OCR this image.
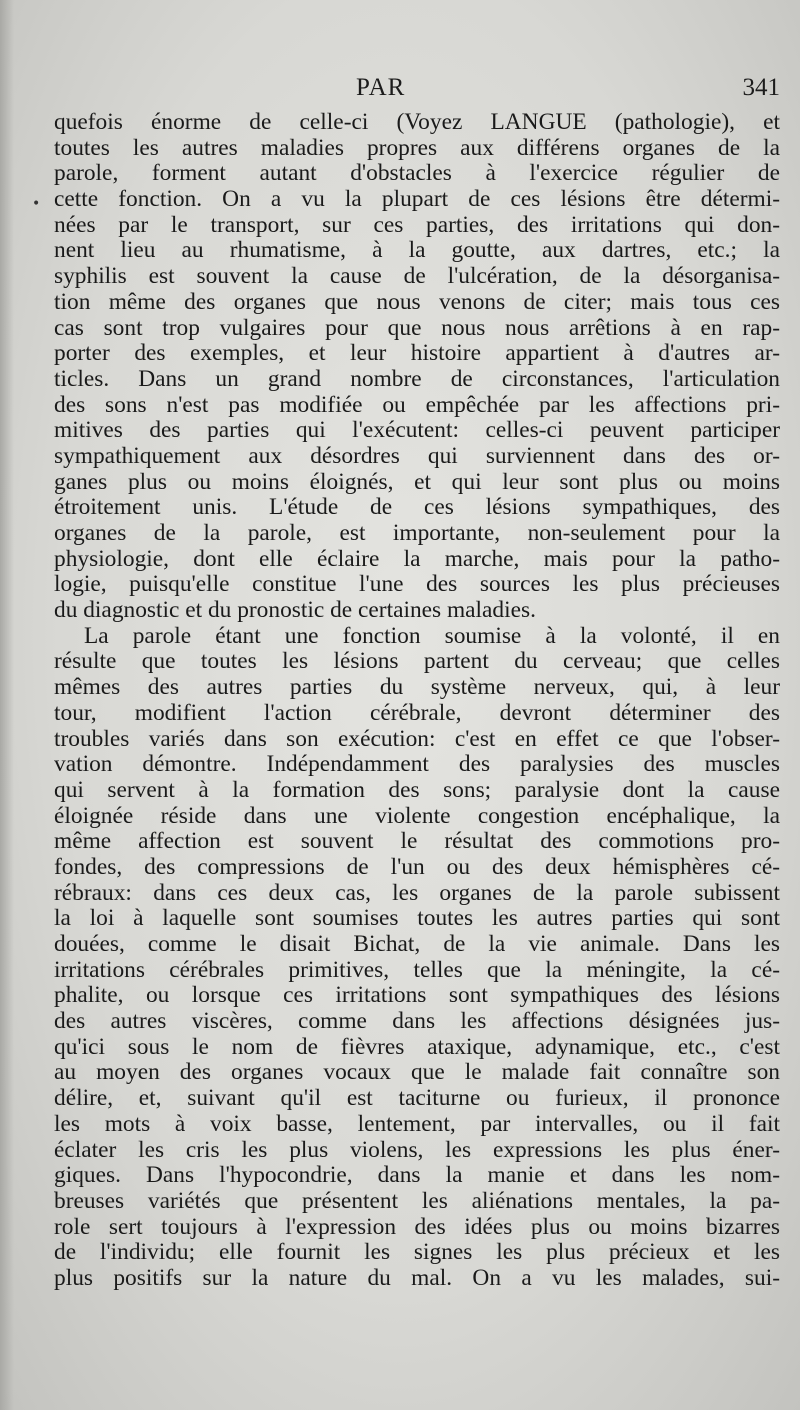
•
PAR	341
quefois énorme de celle-ci (Voyez LANGUE (pathologie), et
toutes les autres maladies propres aux différens organes de la
parole, forment autant d'obstacles à l'exercice régulier de
cette fonction. On a vu la plupart de ces lésions être détermi-
nées par le transport, sur ces parties, des irritations qui don-
nent lieu au rhumatisme, à la goutte, aux dartres, etc.; la
syphilis est souvent la cause de l'ulcération, de la désorganisa-
tion même des organes que nous venons de citer; mais tous ces
cas sont trop vulgaires pour que nous nous arrêtions à en rap-
porter des exemples, et leur histoire appartient à d'autres ar-
ticles. Dans un grand nombre de circonstances, l'articulation
des sons n'est pas modifiée ou empêchée par les affections pri-
mitives des parties qui l'exécutent: celles-ci peuvent participer
sympathiquement aux désordres qui surviennent dans des or-
ganes plus ou moins éloignés, et qui leur sont plus ou moins
étroitement unis. L'étude de ces lésions sympathiques, des
organes de la parole, est importante, non-seulement pour la
physiologie, dont elle éclaire la marche, mais pour la patho-
logie, puisqu'elle constitue l'une des sources les plus précieuses
du diagnostic et du pronostic de certaines maladies.
La parole étant une fonction soumise à la volonté, il en
résulte que toutes les lésions partent du cerveau; que celles
mêmes des autres parties du système nerveux, qui, à leur
tour, modifient l'action cérébrale, devront déterminer des
troubles variés dans son exécution: c'est en effet ce que l'obser-
vation démontre. Indépendamment des paralysies des muscles
qui servent à la formation des sons; paralysie dont la cause
éloignée réside dans une violente congestion encéphalique, la
même affection est souvent le résultat des commotions pro-
fondes, des compressions de l'un ou des deux hémisphères cé-
rébraux: dans ces deux cas, les organes de la parole subissent
la loi à laquelle sont soumises toutes les autres parties qui sont
douées, comme le disait Bichat, de la vie animale. Dans les
irritations cérébrales primitives, telles que la méningite, la cé-
phalite, ou lorsque ces irritations sont sympathiques des lésions
des autres viscères, comme dans les affections désignées jus-
qu'ici sous le nom de fièvres ataxique, adynamique, etc., c'est
au moyen des organes vocaux que le malade fait connaître son
délire, et, suivant qu'il est taciturne ou furieux, il prononce
les mots à voix basse, lentement, par intervalles, ou il fait
éclater les cris les plus violens, les expressions les plus éner-
giques. Dans l'hypocondrie, dans la manie et dans les nom-
breuses variétés que présentent les aliénations mentales, la pa-
role sert toujours à l'expression des idées plus ou moins bizarres
de l'individu; elle fournit les signes les plus précieux et les
plus positifs sur la nature du mal. On a vu les malades, sui-
